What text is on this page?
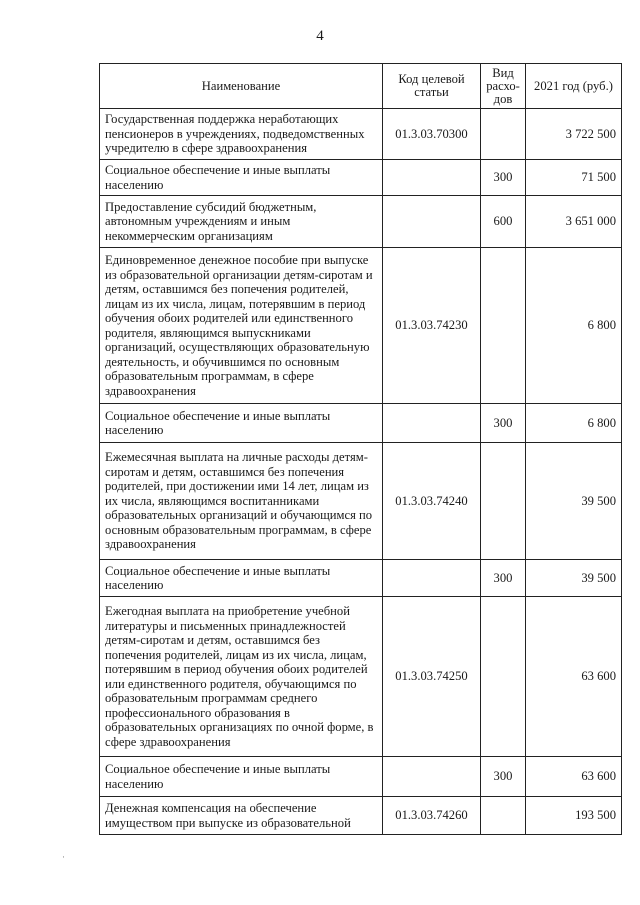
4
Наименование	Код целевой статьи	Вид расхо-дов	2021 год (руб.)
Государственная поддержка неработающих пенсионеров в учреждениях, подведомственных учредителю в сфере здравоохранения	01.3.03.70300		3 722 500
Социальное обеспечение и иные выплаты населению		300	71 500
Предоставление субсидий бюджетным, автономным учреждениям и иным некоммерческим организациям		600	3 651 000
Единовременное денежное пособие при выпуске из образовательной организации детям-сиротам и детям, оставшимся без попечения родителей, лицам из их числа, лицам, потерявшим в период обучения обоих родителей или единственного родителя, являющимся выпускниками организаций, осуществляющих образовательную деятельность, и обучившимся по основным образовательным программам, в сфере здравоохранения	01.3.03.74230		6 800
Социальное обеспечение и иные выплаты населению		300	6 800
Ежемесячная выплата на личные расходы детям-сиротам и детям, оставшимся без попечения родителей, при достижении ими 14 лет, лицам из их числа, являющимся воспитанниками образовательных организаций и обучающимся по основным образовательным программам, в сфере здравоохранения	01.3.03.74240		39 500
Социальное обеспечение и иные выплаты населению		300	39 500
Ежегодная выплата на приобретение учебной литературы и письменных принадлежностей детям-сиротам и детям, оставшимся без попечения родителей, лицам из их числа, лицам, потерявшим в период обучения обоих родителей или единственного родителя, обучающимся по образовательным программам среднего профессионального образования в образовательных организациях по очной форме, в сфере здравоохранения	01.3.03.74250		63 600
Социальное обеспечение и иные выплаты населению		300	63 600
Денежная компенсация на обеспечение имуществом при выпуске из образовательной	01.3.03.74260		193 500
·
